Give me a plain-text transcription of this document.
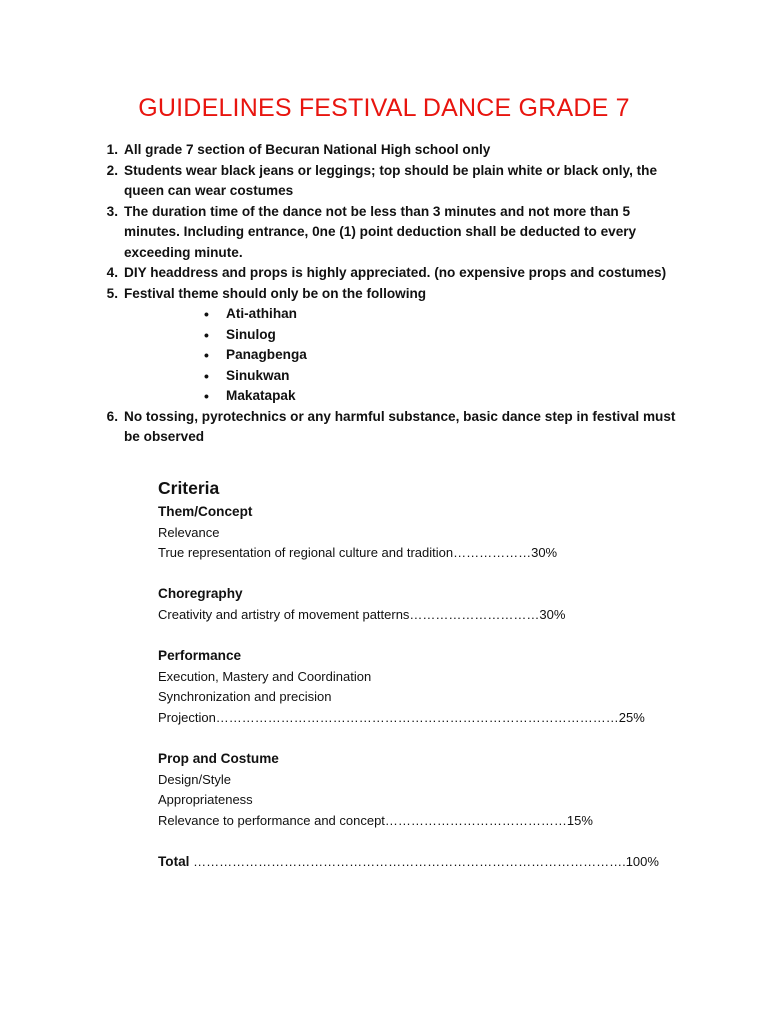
GUIDELINES FESTIVAL DANCE GRADE 7
1. All grade 7 section of Becuran National High school only
2. Students wear black jeans or leggings; top should be plain white or black only, the queen can wear costumes
3. The duration time of the dance not be less than 3 minutes and not more than 5 minutes. Including entrance, 0ne (1) point deduction shall be deducted to every exceeding minute.
4. DIY headdress and props is highly appreciated. (no expensive props and costumes)
5. Festival theme should only be on the following
• Ati-athihan
• Sinulog
• Panagbenga
• Sinukwan
• Makatapak
6. No tossing, pyrotechnics or any harmful substance, basic dance step in festival must be observed
Criteria
Them/Concept
Relevance
True representation of regional culture and tradition………………30%
Choregraphy
Creativity and artistry of movement patterns…………………………30%
Performance
Execution, Mastery and Coordination
Synchronization and precision
Projection…………………………………………………………………………………25%
Prop and Costume
Design/Style
Appropriateness
Relevance to performance and concept……………………………………15%
Total ……………………………………………………………………………………….100%
